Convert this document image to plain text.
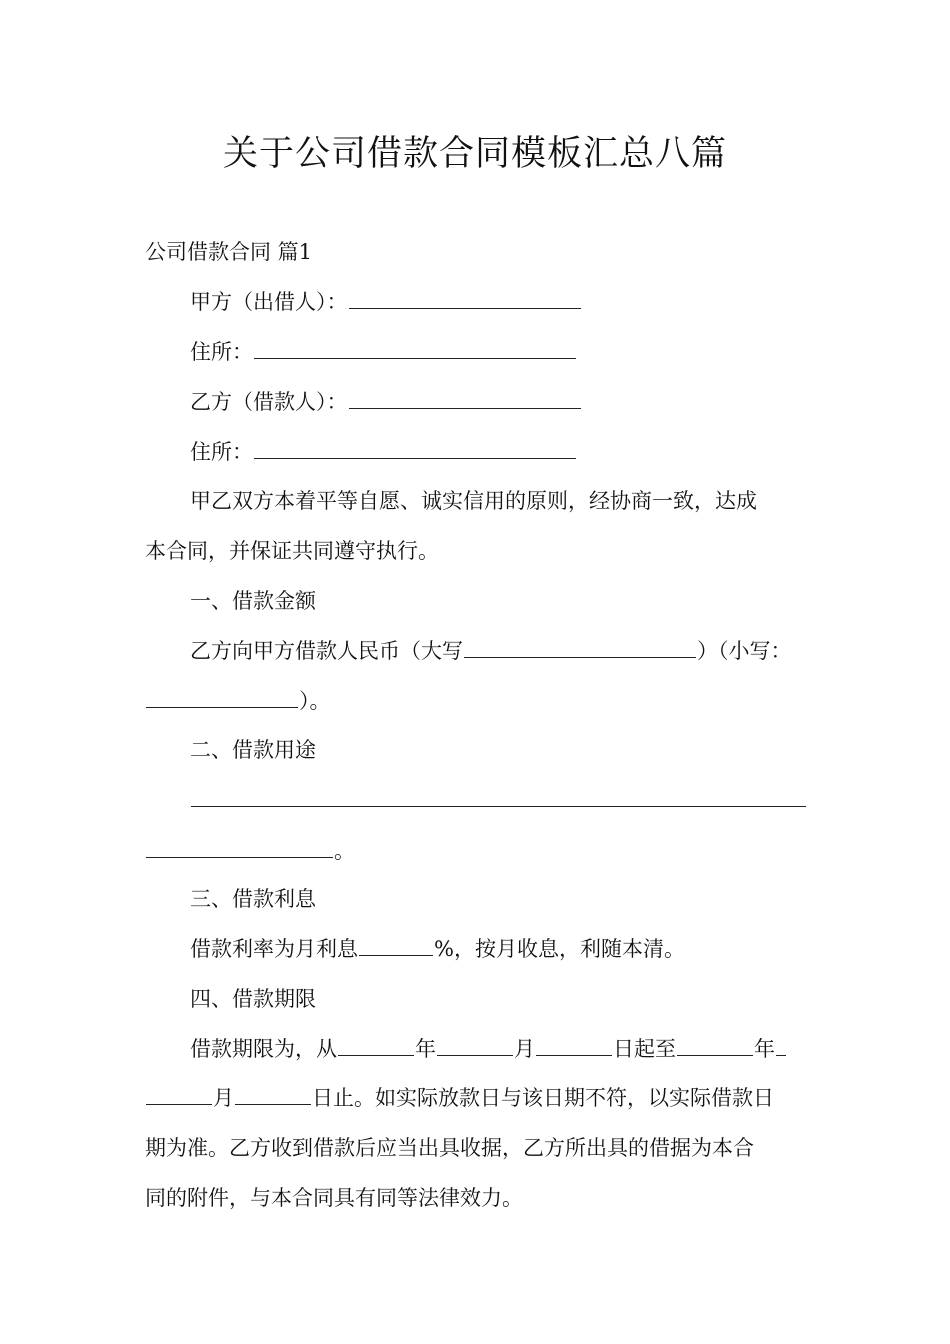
关于公司借款合同模板汇总八篇

公司借款合同 篇1

甲方（出借人）：

住所：

乙方（借款人）：

住所：

甲乙双方本着平等自愿、诚实信用的原则，经协商一致，达成

本合同，并保证共同遵守执行。

一、借款金额

乙方向甲方借款人民币（大写	）（小写：

）。

二、借款用途

。

三、借款利息

借款利率为月利息	%，按月收息，利随本清。

四、借款期限

借款期限为，从	年	月	日起至	年

月	日止。如实际放款日与该日期不符，以实际借款日

期为准。乙方收到借款后应当出具收据，乙方所出具的借据为本合

同的附件，与本合同具有同等法律效力。
